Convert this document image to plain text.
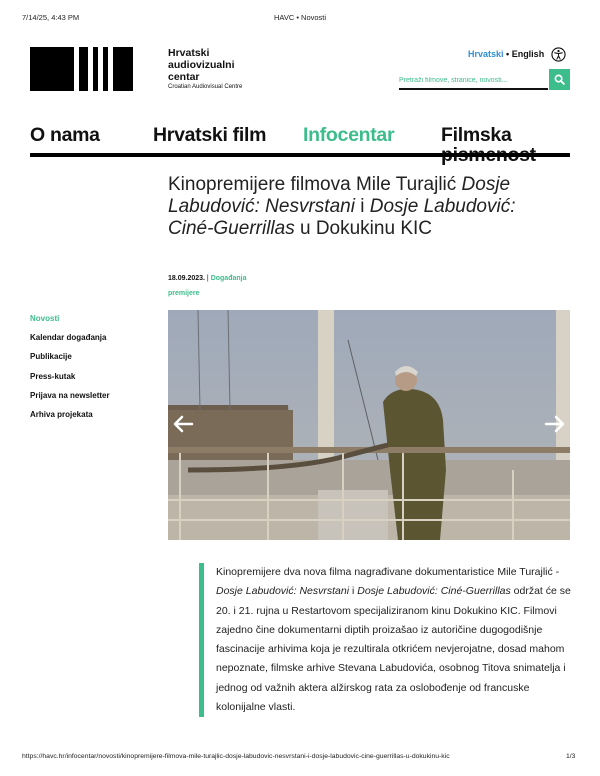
7/14/25, 4:43 PM	HAVC • Novosti
Hrvatski
audiovizualni
centar
Croatian Audiovisual Centre
Hrvatski • English
Pretraži filmove, stranice, novosti...
O nama	Hrvatski film Infocentar Filmska
Kinopremijere filmova Mile Turajlić Dosje Labudović: Nesvrstani i Dosje Labudović: Ciné-Guerrillas u Dokukinu KIC
18.09.2023. | Događanja
premijere
Novosti
Kalendar događanja
Publikacije
Press-kutak
Prijava na newsletter
Arhiva projekata
Kinopremijere dva nova filma nagrađivane dokumentaristice Mile Turajlić - Dosje Labudović: Nesvrstani i Dosje Labudović: Ciné-Guerrillas održat će se 20. i 21. rujna u Restartovom specijaliziranom kinu Dokukino KIC. Filmovi zajedno čine dokumentarni diptih proizašao iz autoričine dugogodišnje fascinacije arhivima koja je rezultirala otkrićem nevjerojatne, dosad mahom nepoznate, filmske arhive Stevana Labudovića, osobnog Titova snimatelja i jednog od važnih aktera alžirskog rata za oslobođenje od francuske kolonijalne vlasti.
https://havc.hr/infocentar/novosti/kinopremijere-filmova-mile-turajlic-dosje-labudovic-nesvrstani-i-dosje-labudovic-cine-guerrillas-u-dokukinu-kic	1/3
